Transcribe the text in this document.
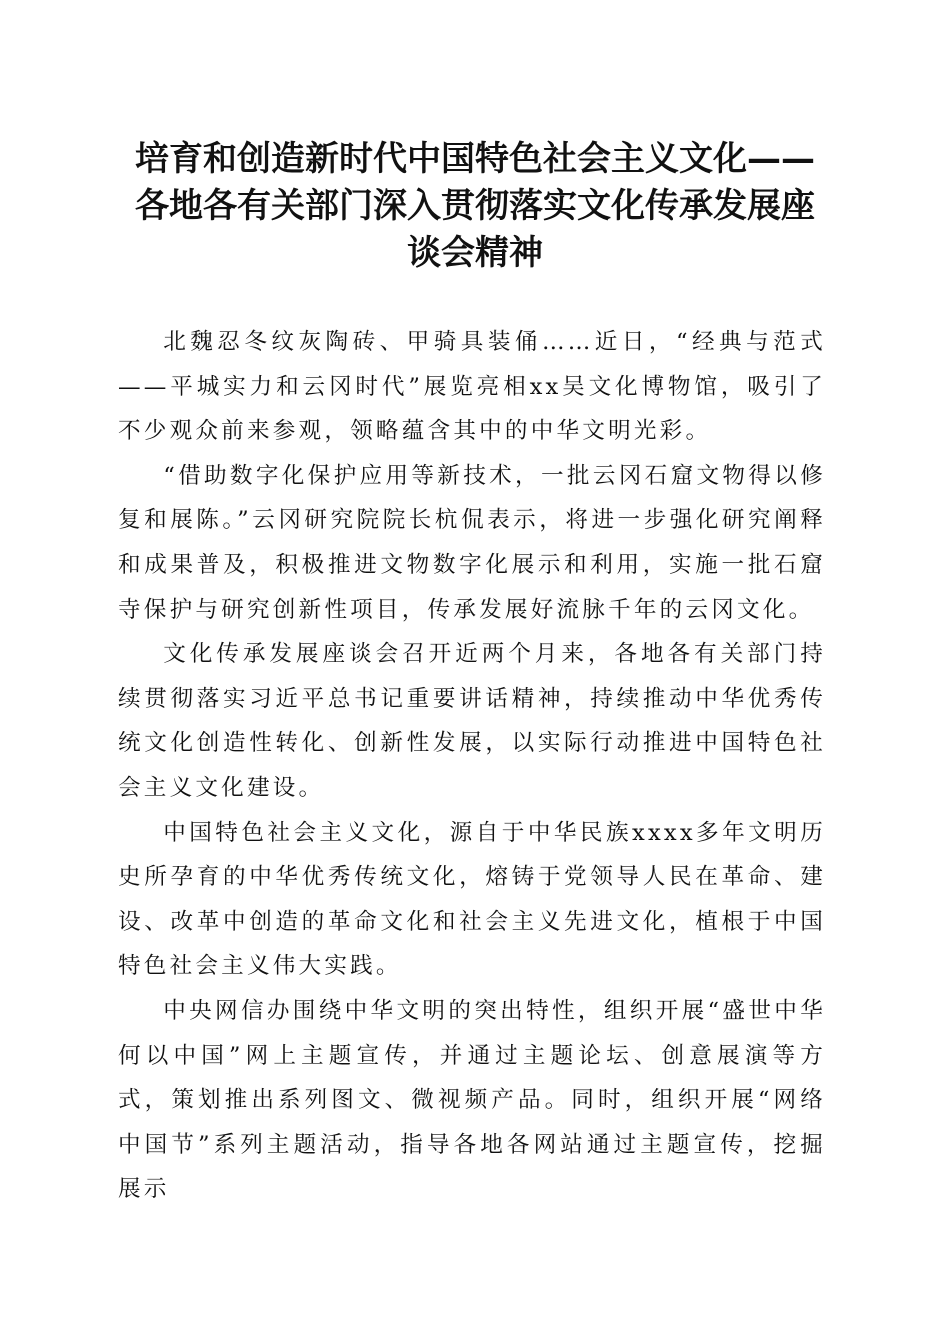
培育和创造新时代中国特色社会主义文化——
各地各有关部门深入贯彻落实文化传承发展座
谈会精神

北魏忍冬纹灰陶砖、甲骑具装俑……近日，“经典与范式——平城实力和云冈时代”展览亮相xx吴文化博物馆，吸引了不少观众前来参观，领略蕴含其中的中华文明光彩。

“借助数字化保护应用等新技术，一批云冈石窟文物得以修复和展陈。”云冈研究院院长杭侃表示，将进一步强化研究阐释和成果普及，积极推进文物数字化展示和利用，实施一批石窟寺保护与研究创新性项目，传承发展好流脉千年的云冈文化。

文化传承发展座谈会召开近两个月来，各地各有关部门持续贯彻落实习近平总书记重要讲话精神，持续推动中华优秀传统文化创造性转化、创新性发展，以实际行动推进中国特色社会主义文化建设。

中国特色社会主义文化，源自于中华民族xxxx多年文明历史所孕育的中华优秀传统文化，熔铸于党领导人民在革命、建设、改革中创造的革命文化和社会主义先进文化，植根于中国特色社会主义伟大实践。

中央网信办围绕中华文明的突出特性，组织开展“盛世中华何以中国”网上主题宣传，并通过主题论坛、创意展演等方式，策划推出系列图文、微视频产品。同时，组织开展“网络中国节”系列主题活动，指导各地各网站通过主题宣传，挖掘展示
